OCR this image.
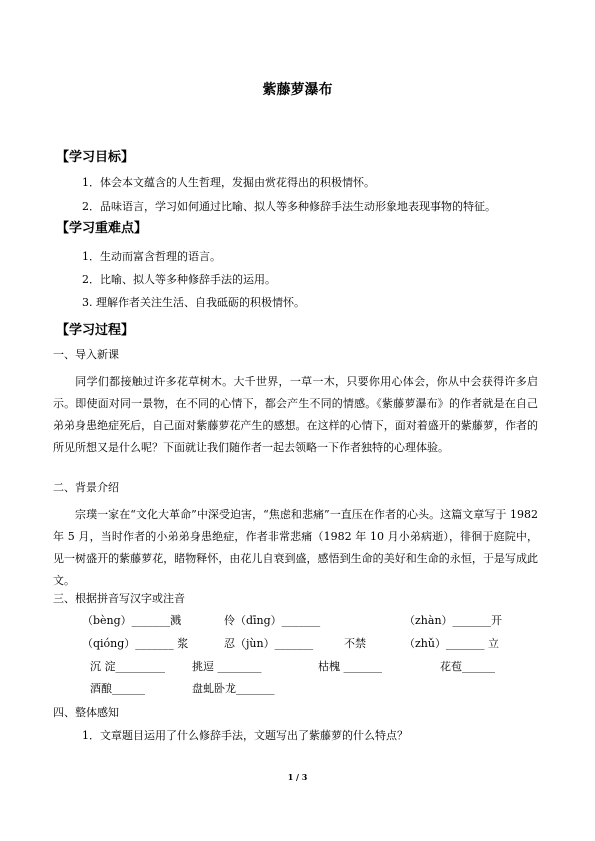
紫藤萝瀑布
【学习目标】
1．体会本文蕴含的人生哲理，发掘由赏花得出的积极情怀。
2．品味语言，学习如何通过比喻、拟人等多种修辞手法生动形象地表现事物的特征。
【学习重难点】
1．生动而富含哲理的语言。
2．比喻、拟人等多种修辞手法的运用。
3. 理解作者关注生活、自我砥砺的积极情怀。
【学习过程】
一、导入新课
同学们都接触过许多花草树木。大千世界，一草一木，只要你用心体会，你从中会获得许多启示。即使面对同一景物，在不同的心情下，都会产生不同的情感。《紫藤萝瀑布》的作者就是在自己弟弟身患绝症死后，自己面对紫藤萝花产生的感想。在这样的心情下，面对着盛开的紫藤萝，作者的所见所想又是什么呢？下面就让我们随作者一起去领略一下作者独特的心理体验。
二、背景介绍
宗璞一家在“文化大革命”中深受迫害，“焦虑和悲痛”一直压在作者的心头。这篇文章写于 1982 年 5 月，当时作者的小弟弟身患绝症，作者非常悲痛（1982 年 10 月小弟病逝），徘徊于庭院中，见一树盛开的紫藤萝花，睹物释怀，由花儿自衰到盛，感悟到生命的美好和生命的永恒，于是写成此文。
三、根据拼音写汉字或注音
（bèng）_______溅	伶（dīng）_______	（zhàn）_______开
（qióng）_______ 浆	忍（jùn）_______	不禁	（zhǔ）_______ 立
沉 淀_________ 挑逗 ________	枯槐 _______	花苞______
酒酿______	盘虬卧龙_______
四、整体感知
1．文章题目运用了什么修辞手法，文题写出了紫藤萝的什么特点？
1 / 3
